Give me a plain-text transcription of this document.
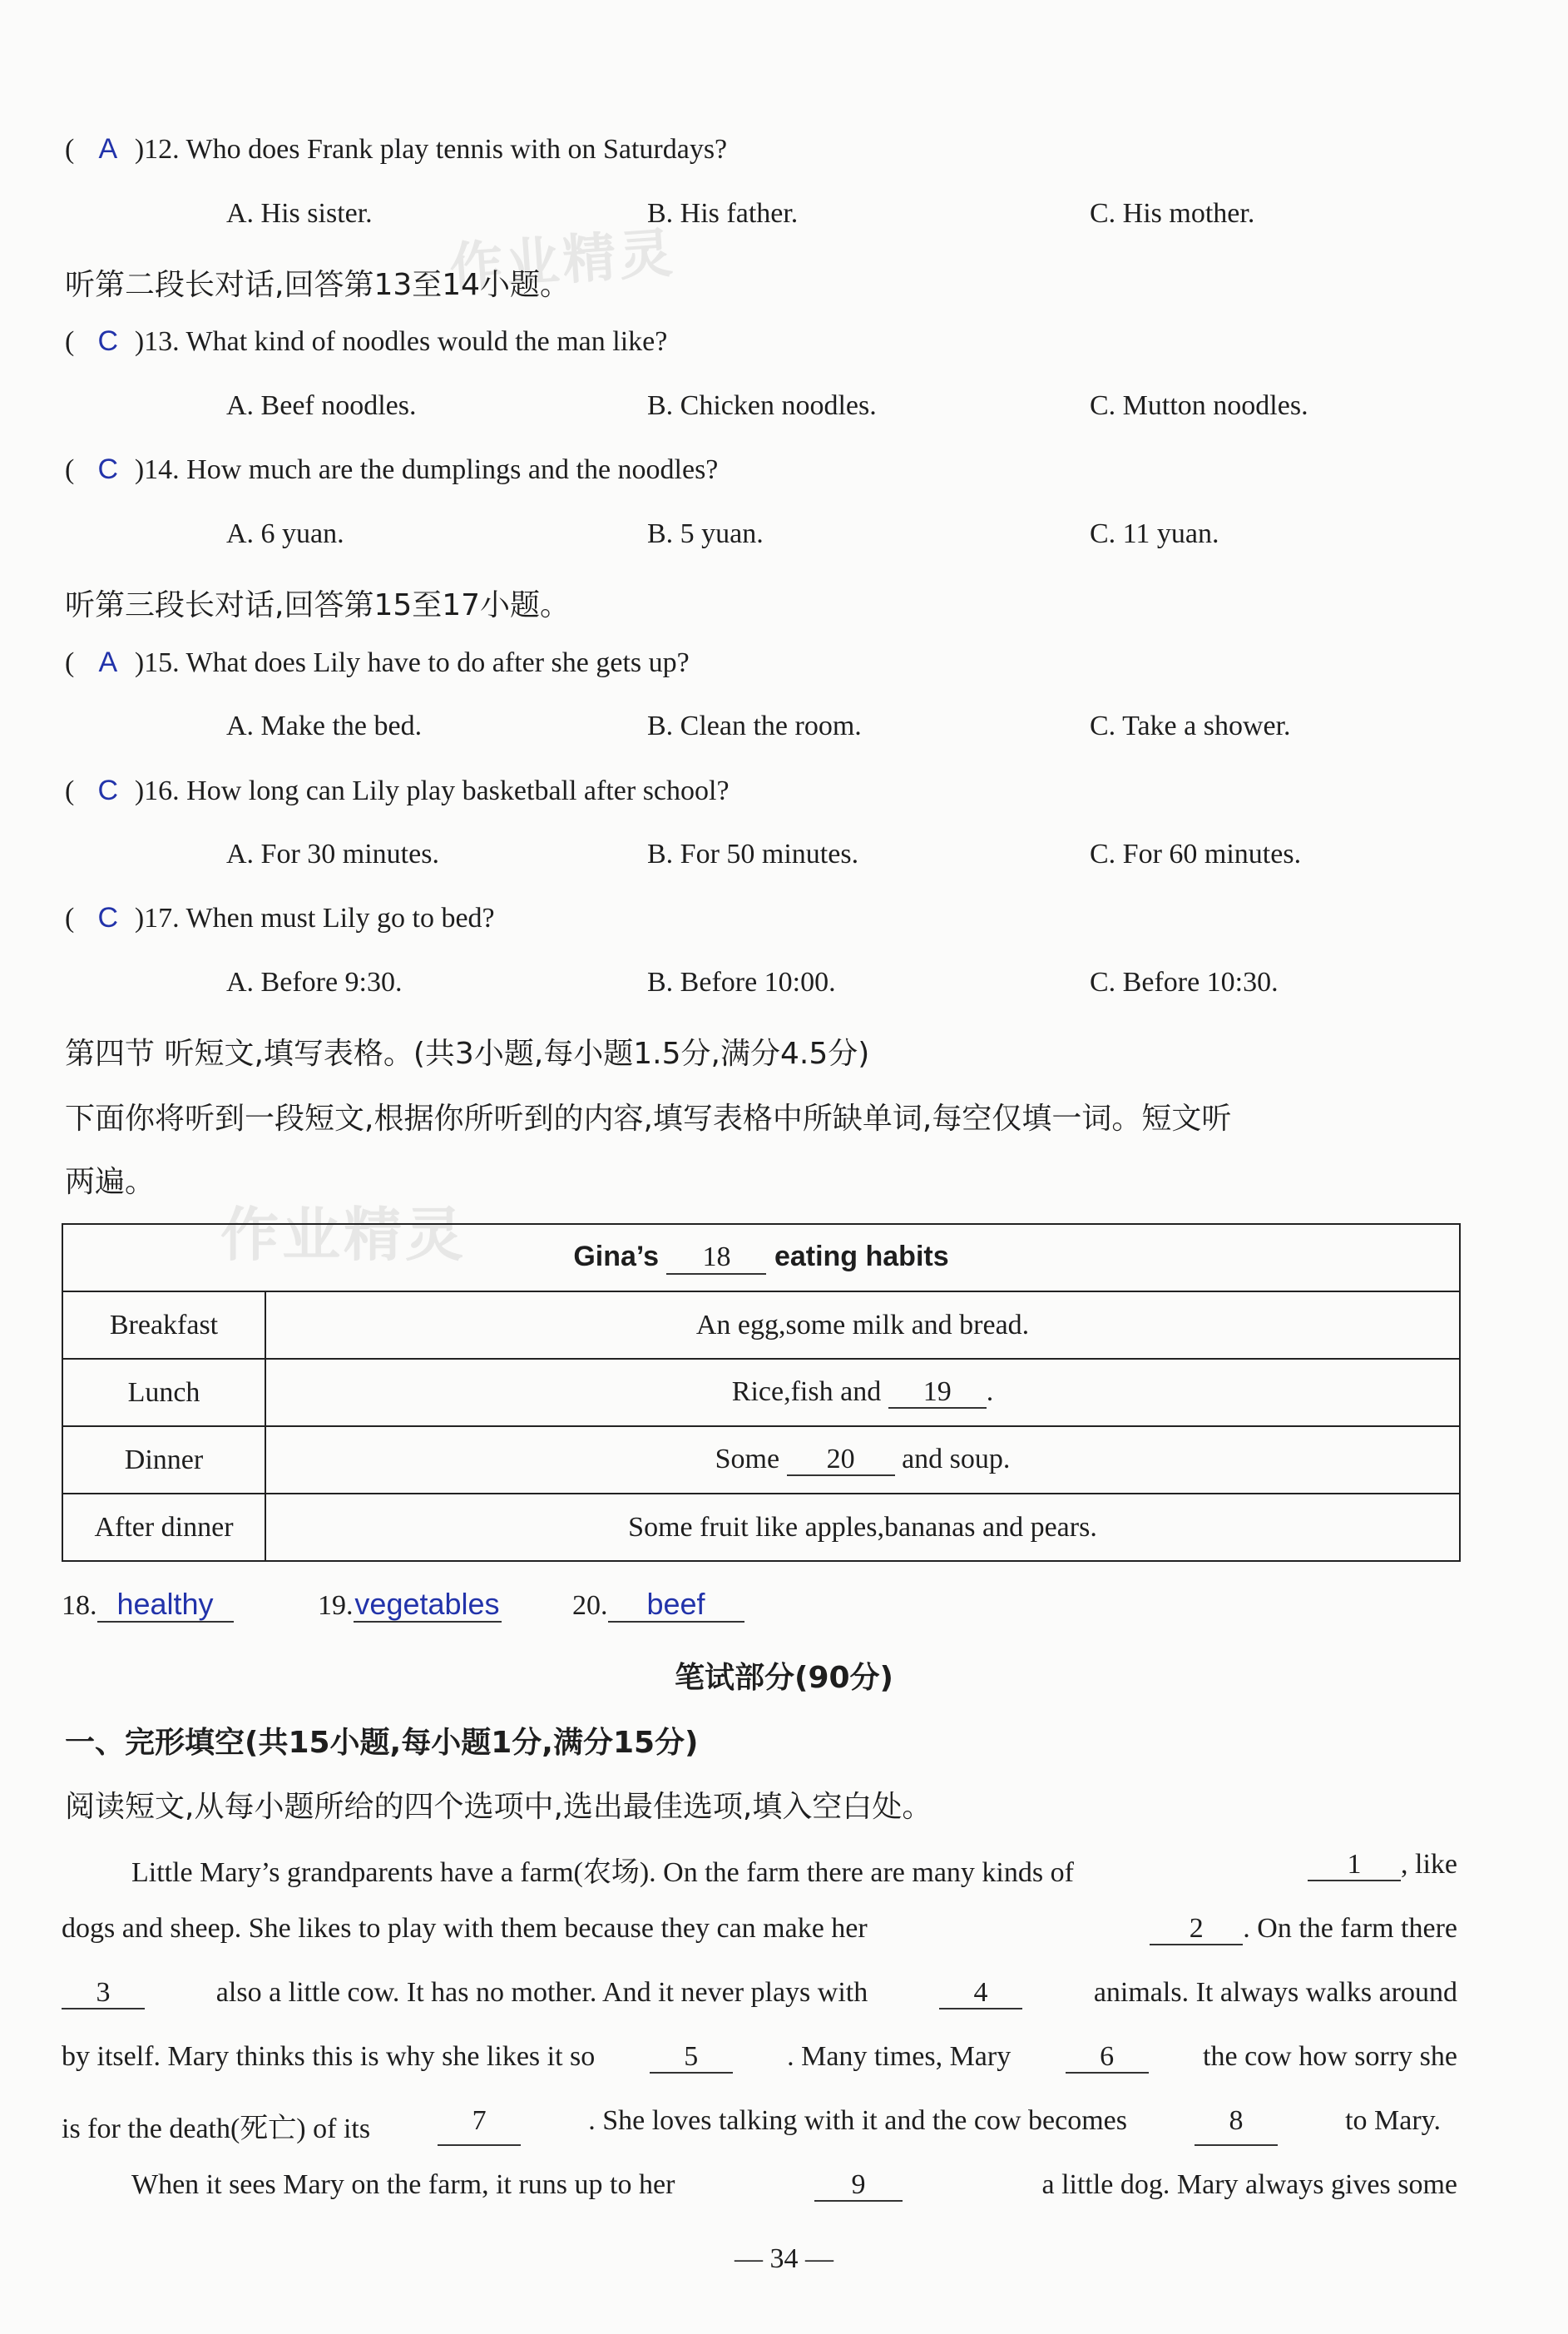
作业精灵
作业精灵
( A )12. Who does Frank play tennis with on Saturdays?
A. His sister.	B. His father.	C. His mother.
听第二段长对话,回答第13至14小题。
( C )13. What kind of noodles would the man like?
A. Beef noodles.	B. Chicken noodles.	C. Mutton noodles.
( C )14. How much are the dumplings and the noodles?
A. 6 yuan.	B. 5 yuan.	C. 11 yuan.
听第三段长对话,回答第15至17小题。
( A )15. What does Lily have to do after she gets up?
A. Make the bed.	B. Clean the room.	C. Take a shower.
( C )16. How long can Lily play basketball after school?
A. For 30 minutes.	B. For 50 minutes.	C. For 60 minutes.
( C )17. When must Lily go to bed?
A. Before 9:30.	B. Before 10:00.	C. Before 10:30.
第四节 听短文,填写表格。(共3小题,每小题1.5分,满分4.5分)
下面你将听到一段短文,根据你所听到的内容,填写表格中所缺单词,每空仅填一词。短文听
两遍。
Gina’s 18 eating habits	
Breakfast	An egg,some milk and bread.
Lunch	Rice,fish and 19 .
Dinner	Some 20 and soup.
After dinner	Some fruit like apples,bananas and pears.
18. healthy	19.vegetables	20. beef
笔试部分(90分)
一、完形填空(共15小题,每小题1分,满分15分)
阅读短文,从每小题所给的四个选项中,选出最佳选项,填入空白处。
Little Mary’s grandparents have a farm(农场). On the farm there are many kinds of	1 , like
dogs and sheep. She likes to play with them because they can make her	2 . On the farm there
3	also a little cow. It has no mother. And it never plays with	4	animals. It always walks around
by itself. Mary thinks this is why she likes it so	5	. Many times, Mary	6	the cow how sorry she
is for the death(死亡) of its	7	. She loves talking with it and the cow becomes	8	to Mary.
When it sees Mary on the farm, it runs up to her	9	a little dog. Mary always gives some
— 34 —
